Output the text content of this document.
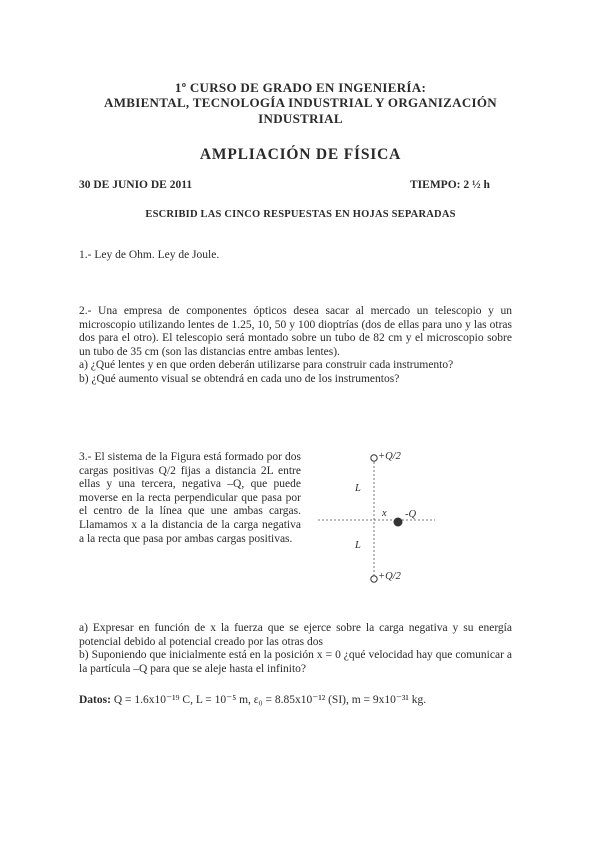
1º CURSO DE GRADO EN INGENIERÍA:
AMBIENTAL, TECNOLOGÍA INDUSTRIAL Y ORGANIZACIÓN
INDUSTRIAL
AMPLIACIÓN DE FÍSICA
30 DE JUNIO DE 2011	TIEMPO: 2 ½ h
ESCRIBID LAS CINCO RESPUESTAS EN HOJAS SEPARADAS
1.- Ley de Ohm. Ley de Joule.

2.- Una empresa de componentes ópticos desea sacar al mercado un telescopio y un microscopio utilizando lentes de 1.25, 10, 50 y 100 dioptrías (dos de ellas para uno y las otras dos para el otro). El telescopio será montado sobre un tubo de 82 cm y el microscopio sobre un tubo de 35 cm (son las distancias entre ambas lentes).

a) ¿Qué lentes y en que orden deberán utilizarse para construir cada instrumento?

b) ¿Qué aumento visual se obtendrá en cada uno de los instrumentos?

3.- El sistema de la Figura está formado por dos cargas positivas Q/2 fijas a distancia 2L entre ellas y una tercera, negativa –Q, que puede moverse en la recta perpendicular que pasa por el centro de la línea que une ambas cargas. Llamamos x a la distancia de la carga negativa a la recta que pasa por ambas cargas positivas.
+Q/2
+Q/2
L
L
x -Q

a) Expresar en función de x la fuerza que se ejerce sobre la carga negativa y su energía potencial debido al potencial creado por las otras dos

b) Suponiendo que inicialmente está en la posición x = 0 ¿qué velocidad hay que comunicar a la partícula –Q para que se aleje hasta el infinito?

Datos: Q = 1.6x10⁻¹⁹ C, L = 10⁻⁵ m, ε₀ = 8.85x10⁻¹² (SI), m = 9x10⁻³¹ kg.
